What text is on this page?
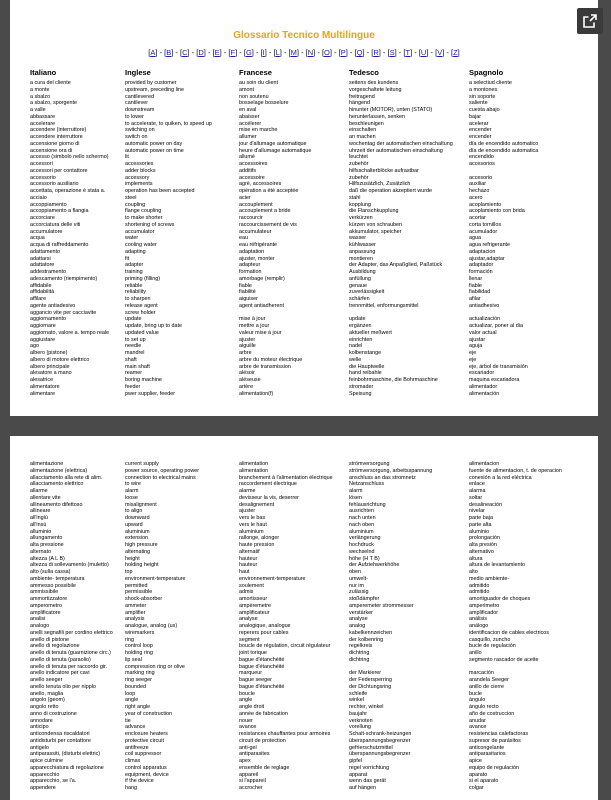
Glossario Tecnico Multilingue
[A] - [B] - [C] - [D] - [E] - [F] - [G] - [I] - [L] - [M] - [N] - [O] - [P] - [Q] - [R] - [S] - [T] - [U] - [V] - [Z]
Italiano
a cura del cliente
a monte
a sbalzo
a sbalzo, sporgente
a valle
abbassare
accelerare
accendere (interruttore)
accendere interruttore
accensione giorno di
accensione ora di
accesso (simbolo nello schermo)
accessori
accessori per contattore
accessorio
accessorio ausiliario
accettata, operazione è stata a.
acciaio
accoppiamento
accoppiamento a flangia
accorciare
accorciatura delle viti
accumulatore
acqua
acqua di raffreddamento
adattamento
adattarsi
adattatore
addestramento
adescamento (riempimento)
affidabile
affidabilità
affilare
agente antiadesivo
aggancio vite per cacciavite
aggiornamento
aggiornare
aggiornato, valore a. tempo reale
aggiustare
ago
albero (pistone)
albero di motore elettrico
albero principale
alesatore a mano
alesatrice
alimentatore
alimentare
Inglese
provided by customer
upstream, preceding line
cantilevered
cantilever
downstream
to lower
to accelerate, to quiken, to speed up
switching on
switch on
automatic power on day
automatic power on time
lit
accessories
adder blocks
accessory
implements
operation has been accepted
steel
coupling
flange coupling
to make shorter
shortening of screws
accumulator
water
cooling water
adapting
fit
adapter
training
priming (filling)
reliable
reliability
to sharpen
release agent
screw holder
update
update, bring up to date
updated value
to set up
needle
mandrel
shaft
main shaft
reamer
boring machine
feeder
pwer supplier, feeder
Francese
au soin du client
amont
non soutenu
bosselage bosselure
en aval
abaisser
accélerer
mise en marche
allumer
jour d'allumage automatique
heure d'allumage automatique
allumé
accessoires
additifs
accessoire
agrè, accessoires
opération a été acceptée
acier
accouplement
accouplement a bride
raccourcir
raccourcissement de vis
accumulateur
eau
eau réfrigérante
adaptation
ajuster, monter
adapteur
formation
amorbage (remplir)
fiable
fiabilité
aiguiser
agent antiadherent
mise à jour
mettre a jour
valeur mise à jour
ajuster
aiguille
arbre
arbre du moteur électrique
arbre de transmission
alésoir
aléseuse
artère
alimentation(f)
Tedesco
seitens des kundens
vorgeschaltete leitung
freitragend
hängend
hinunter (MOTOR), unten (STATO)
herunterlassen, senken
beschleunigen
einschalten
an machen
wochentag der automatischen einschaltung
uhrzeit der automatischen einschaltung
leuchtet
zubehör
hilfsschalterblöcke aufrastbar
zubehör
Hilfszusätzlich, Zusätzlich
daß die operation akzeptiert wurde
stahl
kopplung
die Flanschkupplung
verkürzen
kürzen von schrauben
akkumulator, speicher
wasser
kühlwasser
anpassung
montieren
der Adapter, das Anpaßglied, Paßstück
Ausbildung
anfüllung
genaue
zuverlässigkeit
schärfen
trennmittel, enformungsmittel
update
ergänzen
aktueller meßwert
einrichten
nadel
kolbenstange
welle
die Hauptwelle
hand reibahle
feinbohrmaschine, die Bohrmaschine
stromader
Speisung
Spagnolo
a selectiud cliente
a montones
sin soporte
saliente
cuesta abajo
bajar
acelerar
encender
encender
día de encendido automatico
día de encendido automatica
encendido
accesorios
accesorio
auxiliar
hechazo
acero
acoplamiento
acoplamiento con brida
acortar
corta tornillos
acumulador
agua
agua refrigerante
adaptacion
ajustar,adaptar
adaptador
formación
llenar
fiable
fiabilidad
afilar
antiadhesivo
actualización
actualizar, poner al dia
valor actual
ajustar
aguja
eje
eje
eje, árbol de transmisión
escariador
maquina escariadora
alimentador
alimentación
alimentazione
alimentazione (elettrica)
allacciamento alla rete di alim.
allacciamento elettrico
allarme
allentare vite
allineamento difettoso
allineare
all'ingiù
all'insù
alluminio
allungamento
alta pressione
alternato
altezza (A L B)
altezza di sollevamento (muletto)
alto (sulla cassa)
ambiente- temperatura
ammesso possibile
ammissibile
ammortizzatore
amperometro
amplificatore
analisi
analogo
anelli segnafili per cordino elettrico
anello di pistone
anello di regolazione
anello di tenuta (guarnizione circ.)
anello di tenuta (paraolio)
anello di tenuta per raccordo gir.
anello indicatore per cavi
anello seeger
anello tenuta olio per nipplo
anello, maglia
angolo (geom)
angolo retto
anno di costruzione
annodare
anticipo
anticondensa riscaldatori
antidisturbi per contattore
antigelo
antiparassiti, (disturbi elettric)
apice culmine
apparecchiatura di regolazione
apparecchio
apparecchio, se l'a.
appendere
current supply
power source, operating power
connection to electrical mains
to wire
alarm
loose
misalignment
to align
downward
upward
aluminium
extension
high pressure
alternating
height
holding height
top
environment-temperature
permitted
permissible
shock-absorber
ammeter
amplifier
analysis
analogue, analog (us)
wiremarkers
ring
control loop
holding ring
lip seal
compression ring or olive
marking ring
ring seeger
bounded
loop
angle
right angle
year of construction
tie
advance
enclosure heaters
protective circuit
antifreeze
coil suppressor
climax
control apparatus
equipment, device
if the device
hang
alimentation
alimentation
branchement à l'alimentation électrique
raccordement électrique
alarme
devisseur la vis, deserrer
desalignement
ajuster
vers le bas
vers le haut
aluminium
rallonge, alonger
haute pression
alternatif
hauteur
hauteur
haut
environnement-temperature
soulement
admis
amortisseur
ampèremetre
amplificateur
analyse
analogique, analogue
reperers pour cables
segment
boucle de régulation, circuit régulateur
joint torique
bague d'étanchéité
bague d'étanchéité
marqueur
bague seeger
bague d'étanchéité
boucle
angle
angle droit
année de fabrication
nouer
avance
resistances chauffantes pour armoires
circuit de protection
anti-gel
antiparasites
apex
ensemble de reglage
appareil
si l'appareil
accrocher
strömversorgung
strömversorgung, arbeitsspannung
anschluss an das stromnetz
Netzanschluss
alarm
lösen
fehlausrichtung
ausrichten
nach unten
nach oben
aluminium
verlängerung
hochdruck
wechselnd
höhe (H T B)
der Aufziehwerkhöhe
oben
umwelt-
nur im
zulässig
stoßdämpfer
amperemeter strommesser
verstärker
analyse
analog
kabelkennzeichen
der kolbenring
regelkreis
dichtring
dichtring
der Markierer
der Federsperring
der Dichtungsring
schleife
winkel
rechter, winkel
baujahr
verknoten
vorellung
Schalt-schrank-heizungen
überspannungsbegrenzer
gefrierschutzmittel
überspannungsbegrenzer
gipfel
regel vorrichtung
apparat
wenn das gerät
auf hängen
alimentacion
fuente de alimentacion, t. de operacion
conexión a la red eléctrica
enlace
alarma
soltar
desalineación
nivelar
parte baja
parte alta
aluminio
prolongación
alta presión
alternativo
altura
altura de levantamiento
alto
medio ambiente-
admitido
admitido
amortiguador de choques
amperimetro
amplificador
análisis
análogo
identificacion de cables electricos
casquillo, zuncho
bucle de regulación
anillo
segmento rascador de aceite
marcación
arandela Seeger
anillo de cierre
bucle
ángulo
ángulo recto
año de costruccion
anudar
avance
resistencias calefactoras
supresor de parásitos
anticongelante
antiparasitarios
apice
equipo de regulación
aparato
si el aparato
colgar
